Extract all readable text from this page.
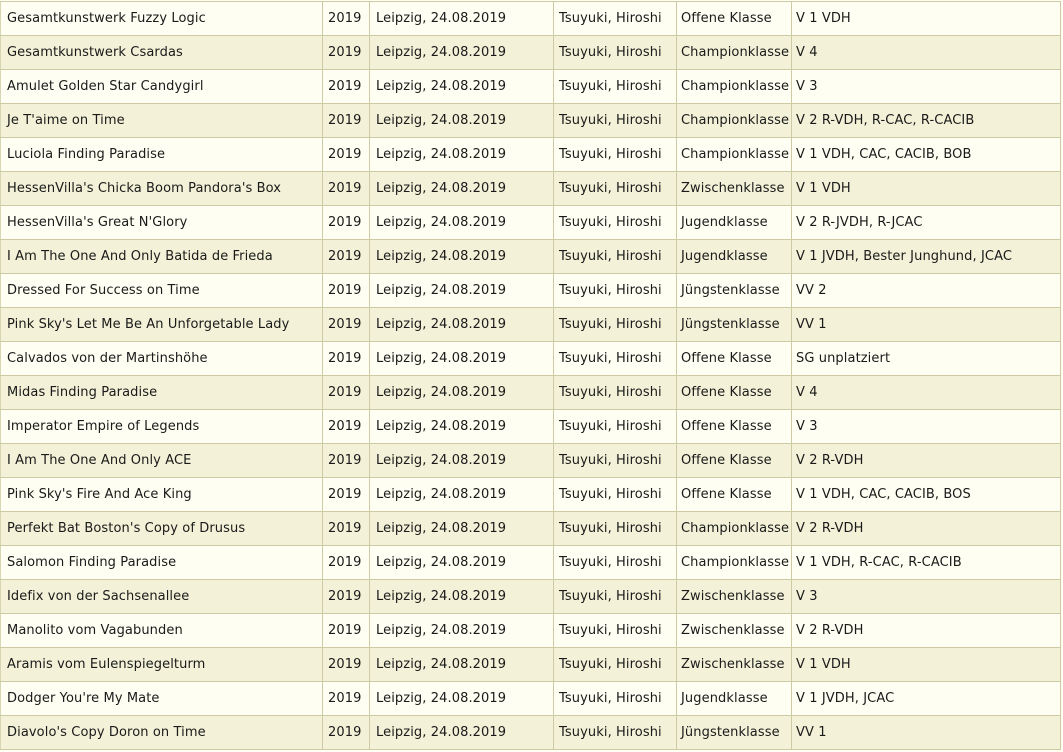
Gesamtkunstwerk Fuzzy Logic	2019	Leipzig, 24.08.2019	Tsuyuki, Hiroshi	Offene Klasse	V 1 VDH
Gesamtkunstwerk Csardas	2019	Leipzig, 24.08.2019	Tsuyuki, Hiroshi	Championklasse	V 4
Amulet Golden Star Candygirl	2019	Leipzig, 24.08.2019	Tsuyuki, Hiroshi	Championklasse	V 3
Je T'aime on Time	2019	Leipzig, 24.08.2019	Tsuyuki, Hiroshi	Championklasse	V 2 R-VDH, R-CAC, R-CACIB
Luciola Finding Paradise	2019	Leipzig, 24.08.2019	Tsuyuki, Hiroshi	Championklasse	V 1 VDH, CAC, CACIB, BOB
HessenVilla's Chicka Boom Pandora's Box	2019	Leipzig, 24.08.2019	Tsuyuki, Hiroshi	Zwischenklasse	V 1 VDH
HessenVilla's Great N'Glory	2019	Leipzig, 24.08.2019	Tsuyuki, Hiroshi	Jugendklasse	V 2 R-JVDH, R-JCAC
I Am The One And Only Batida de Frieda	2019	Leipzig, 24.08.2019	Tsuyuki, Hiroshi	Jugendklasse	V 1 JVDH, Bester Junghund, JCAC
Dressed For Success on Time	2019	Leipzig, 24.08.2019	Tsuyuki, Hiroshi	Jüngstenklasse	VV 2
Pink Sky's Let Me Be An Unforgetable Lady	2019	Leipzig, 24.08.2019	Tsuyuki, Hiroshi	Jüngstenklasse	VV 1
Calvados von der Martinshöhe	2019	Leipzig, 24.08.2019	Tsuyuki, Hiroshi	Offene Klasse	SG unplatziert
Midas Finding Paradise	2019	Leipzig, 24.08.2019	Tsuyuki, Hiroshi	Offene Klasse	V 4
Imperator Empire of Legends	2019	Leipzig, 24.08.2019	Tsuyuki, Hiroshi	Offene Klasse	V 3
I Am The One And Only ACE	2019	Leipzig, 24.08.2019	Tsuyuki, Hiroshi	Offene Klasse	V 2 R-VDH
Pink Sky's Fire And Ace King	2019	Leipzig, 24.08.2019	Tsuyuki, Hiroshi	Offene Klasse	V 1 VDH, CAC, CACIB, BOS
Perfekt Bat Boston's Copy of Drusus	2019	Leipzig, 24.08.2019	Tsuyuki, Hiroshi	Championklasse	V 2 R-VDH
Salomon Finding Paradise	2019	Leipzig, 24.08.2019	Tsuyuki, Hiroshi	Championklasse	V 1 VDH, R-CAC, R-CACIB
Idefix von der Sachsenallee	2019	Leipzig, 24.08.2019	Tsuyuki, Hiroshi	Zwischenklasse	V 3
Manolito vom Vagabunden	2019	Leipzig, 24.08.2019	Tsuyuki, Hiroshi	Zwischenklasse	V 2 R-VDH
Aramis vom Eulenspiegelturm	2019	Leipzig, 24.08.2019	Tsuyuki, Hiroshi	Zwischenklasse	V 1 VDH
Dodger You're My Mate	2019	Leipzig, 24.08.2019	Tsuyuki, Hiroshi	Jugendklasse	V 1 JVDH, JCAC
Diavolo's Copy Doron on Time	2019	Leipzig, 24.08.2019	Tsuyuki, Hiroshi	Jüngstenklasse	VV 1
